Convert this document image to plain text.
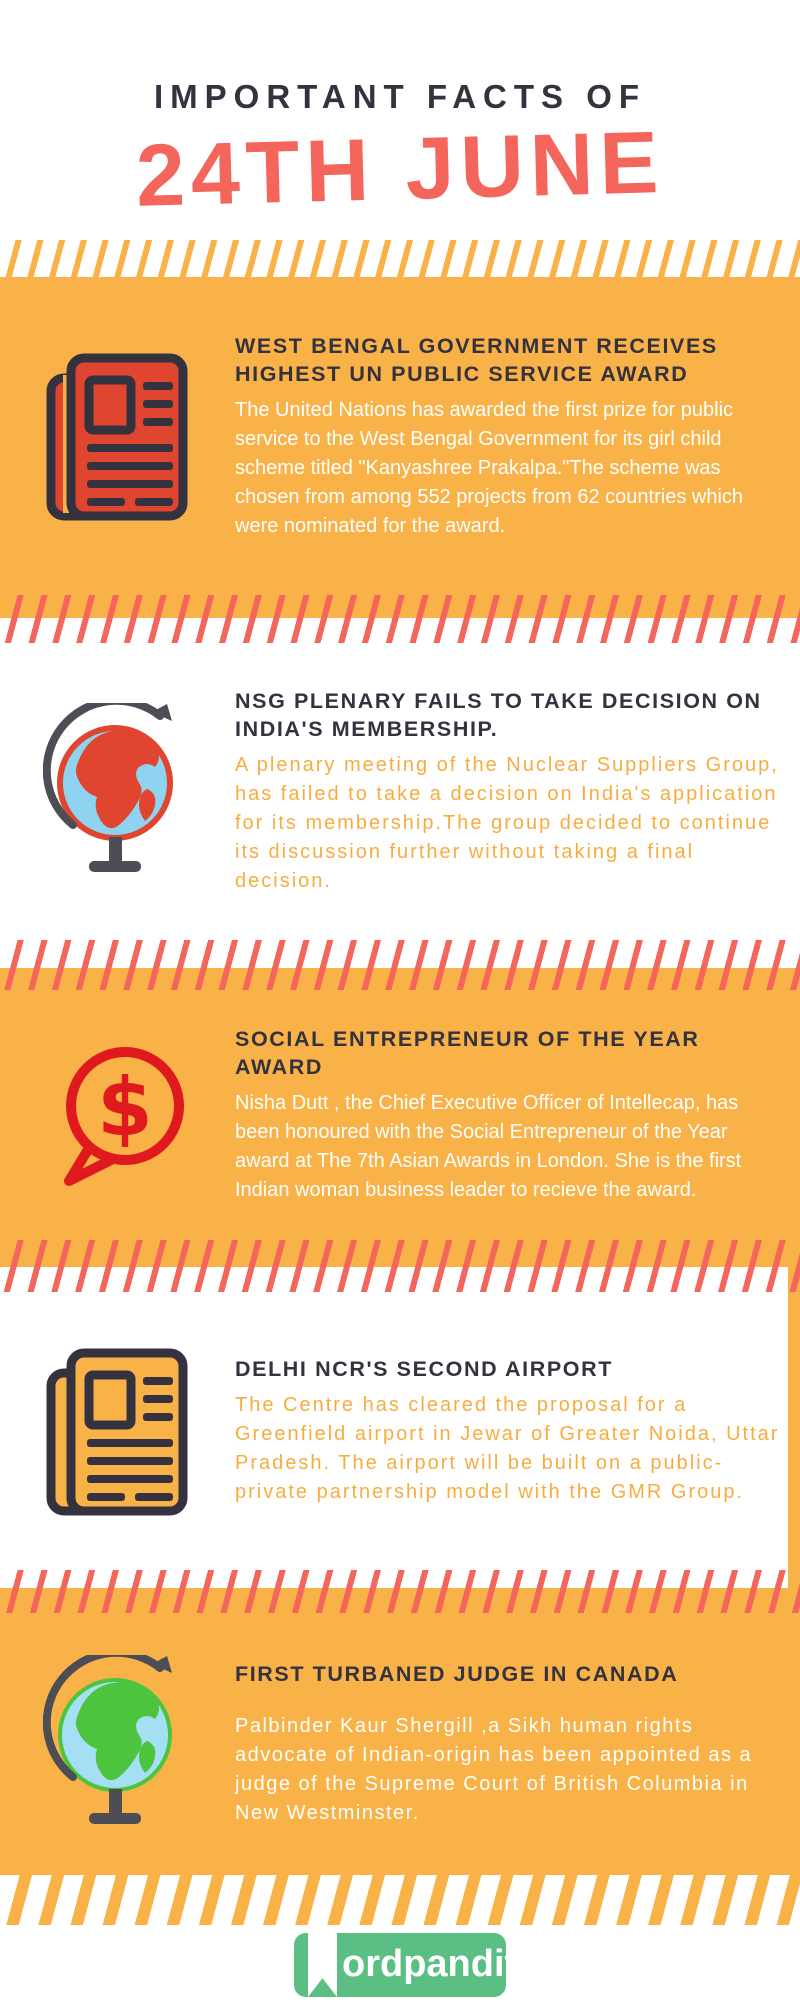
IMPORTANT FACTS OF
24TH JUNE
WEST BENGAL GOVERNMENT RECEIVES HIGHEST UN PUBLIC SERVICE AWARD
The United Nations has awarded the first prize for public service to the West Bengal Government for its girl child scheme titled "Kanyashree Prakalpa."The scheme was chosen from among 552 projects from 62 countries which were nominated for the award.
NSG PLENARY FAILS TO TAKE DECISION ON INDIA'S MEMBERSHIP.
A plenary meeting of the Nuclear Suppliers Group, has failed to take a decision on India's application for its membership.The group decided to continue its discussion further without taking a final decision.
$
SOCIAL ENTREPRENEUR OF THE YEAR AWARD
Nisha Dutt , the Chief Executive Officer of Intellecap, has been honoured with the Social Entrepreneur of the Year award at The 7th Asian Awards in London. She is the first Indian woman business leader to recieve the award.
DELHI NCR'S SECOND AIRPORT
The Centre has cleared the proposal for a Greenfield airport in Jewar of Greater Noida, Uttar Pradesh. The airport will be built on a public-private partnership model with the GMR Group.
FIRST TURBANED JUDGE IN CANADA
Palbinder Kaur Shergill ,a Sikh human rights advocate of Indian-origin has been appointed as a judge of the Supreme Court of British Columbia in New Westminster.
ordpandit
